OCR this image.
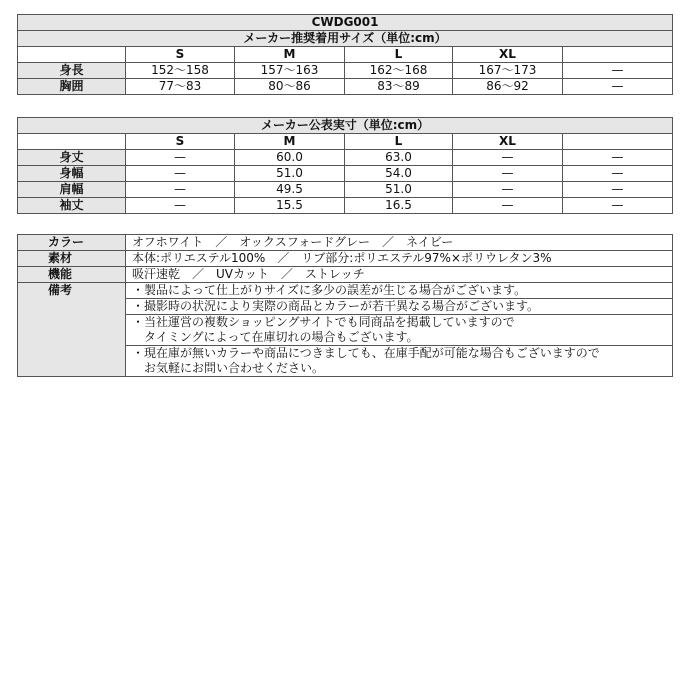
CWDG001					
メーカー推奨着用サイズ（単位:cm）					
	S	M	L	XL	
身長	152〜158	157〜163	162〜168	167〜173	—
胸囲	77〜83	80〜86	83〜89	86〜92	—
メーカー公表実寸（単位:cm）					
	S	M	L	XL	
身丈	—	60.0	63.0	—	—
身幅	—	51.0	54.0	—	—
肩幅	—	49.5	51.0	—	—
袖丈	—	15.5	16.5	—	—
カラー	オフホワイト　／　オックスフォードグレー　／　ネイビー
素材	本体:ポリエステル100%　／　リブ部分:ポリエステル97%×ポリウレタン3%
機能	吸汗速乾　／　UVカット　／　ストレッチ
備考	・製品によって仕上がりサイズに多少の誤差が生じる場合がございます。

	・撮影時の状況により実際の商品とカラーが若干異なる場合がございます。

	・当社運営の複数ショッピングサイトでも同商品を掲載していますので
　タイミングによって在庫切れの場合もございます。

	・現在庫が無いカラーや商品につきましても、在庫手配が可能な場合もございますので
　お気軽にお問い合わせください。
